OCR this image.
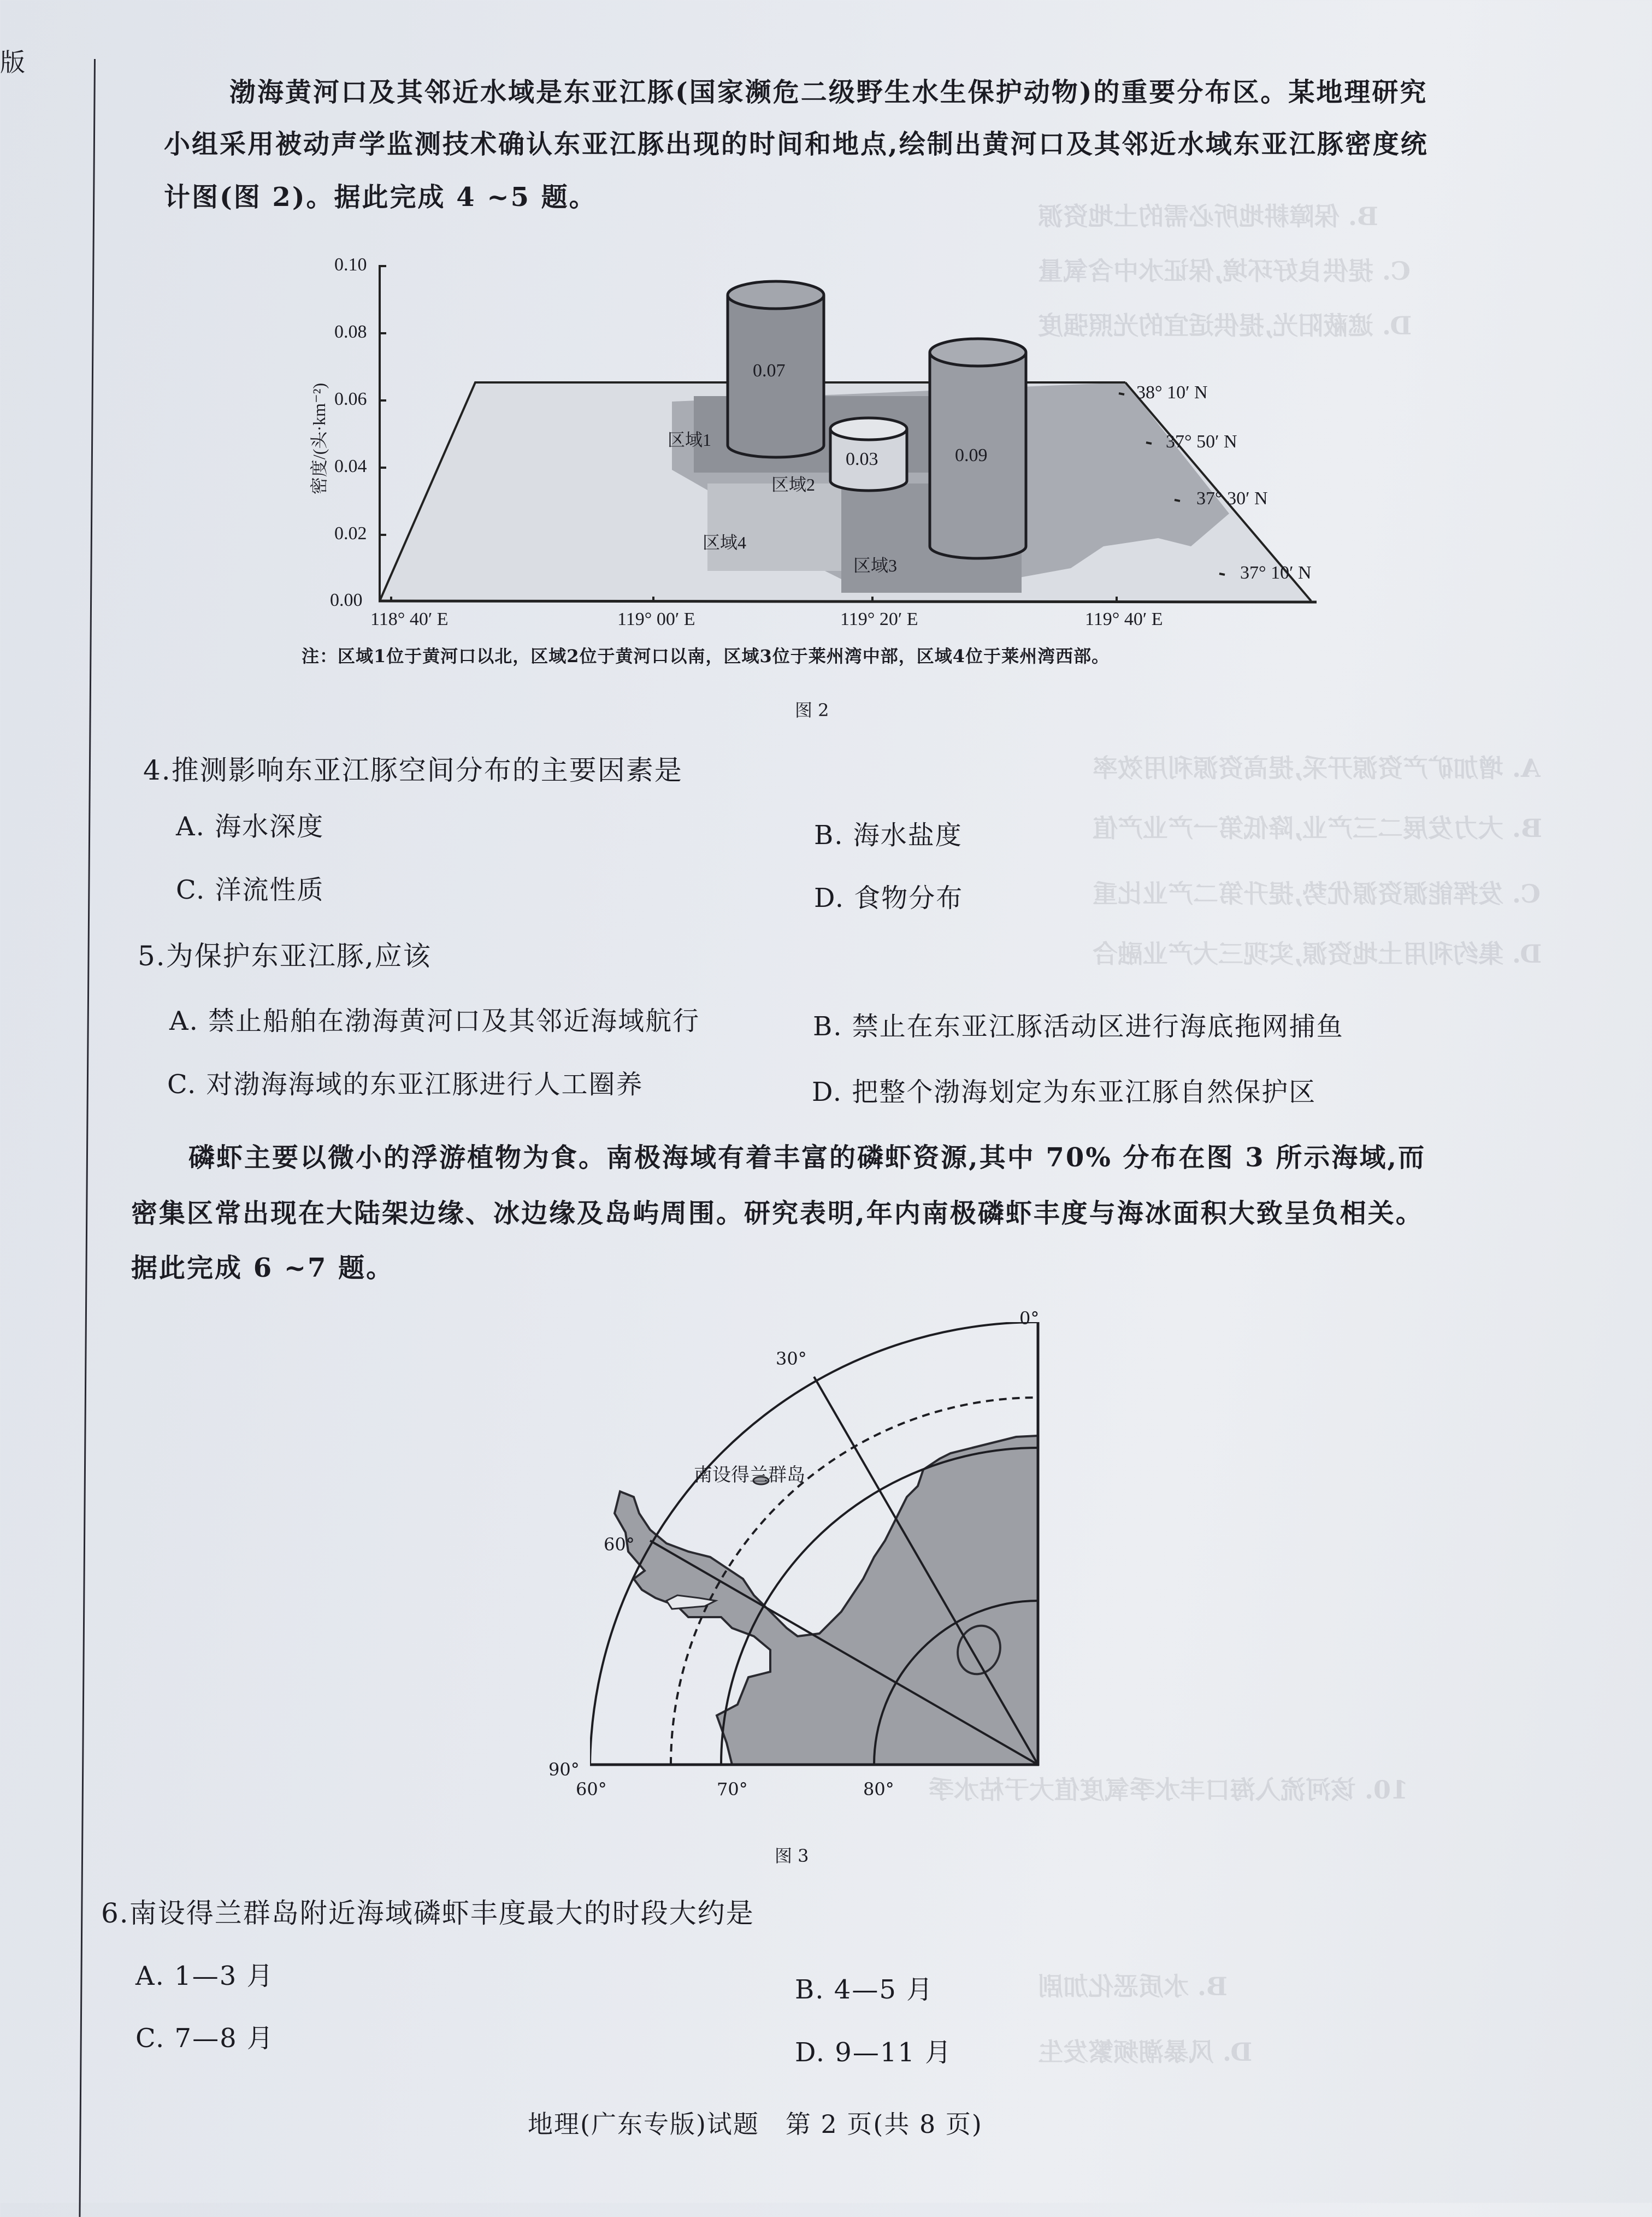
B. 保障耕地所必需的土地资源
C. 提供良好环境,保证水中含氧量
D. 遮蔽阳光,提供适宜的光照强度
A. 增加矿产资源开采,提高资源利用效率
B. 大力发展二三产业,降低第一产业产值
C. 发挥能源资源优势,提升第二产业比重
D. 集约利用土地资源,实现三大产业融合
10. 该河流入海口丰水季氧度值大于枯水季
B. 水质恶化加剧
D. 风暴潮频繁发生
版
渤海黄河口及其邻近水域是东亚江豚(国家濒危二级野生水生保护动物)的重要分布区。某地理研究
小组采用被动声学监测技术确认东亚江豚出现的时间和地点,绘制出黄河口及其邻近水域东亚江豚密度统
计图(图 2)。据此完成 4 ~5 题。
密度/(头·km⁻²)
0.10
0.08
0.06
0.04
0.02
0.00
118° 40′ E	119° 00′ E	119° 20′ E	119° 40′ E
38° 10′ N
37° 50′ N
37° 30′ N
37° 10′ N
0.07
0.03	0.09
区域1
区域2
区域3
区域4
注：区域1位于黄河口以北，区域2位于黄河口以南，区域3位于莱州湾中部，区域4位于莱州湾西部。
图 2
4.推测影响东亚江豚空间分布的主要因素是
A. 海水深度	B. 海水盐度
C. 洋流性质	D. 食物分布
5.为保护东亚江豚,应该
A. 禁止船舶在渤海黄河口及其邻近海域航行	B. 禁止在东亚江豚活动区进行海底拖网捕鱼
C. 对渤海海域的东亚江豚进行人工圈养	D. 把整个渤海划定为东亚江豚自然保护区
磷虾主要以微小的浮游植物为食。南极海域有着丰富的磷虾资源,其中 70% 分布在图 3 所示海域,而
密集区常出现在大陆架边缘、冰边缘及岛屿周围。研究表明,年内南极磷虾丰度与海冰面积大致呈负相关。
据此完成 6 ~7 题。
0°
30°
60°
90°
60°	70°	80°
南设得兰群岛
图 3
6.南设得兰群岛附近海域磷虾丰度最大的时段大约是
A. 1—3 月	B. 4—5 月
C. 7—8 月	D. 9—11 月
地理(广东专版)试题　第 2 页(共 8 页)
